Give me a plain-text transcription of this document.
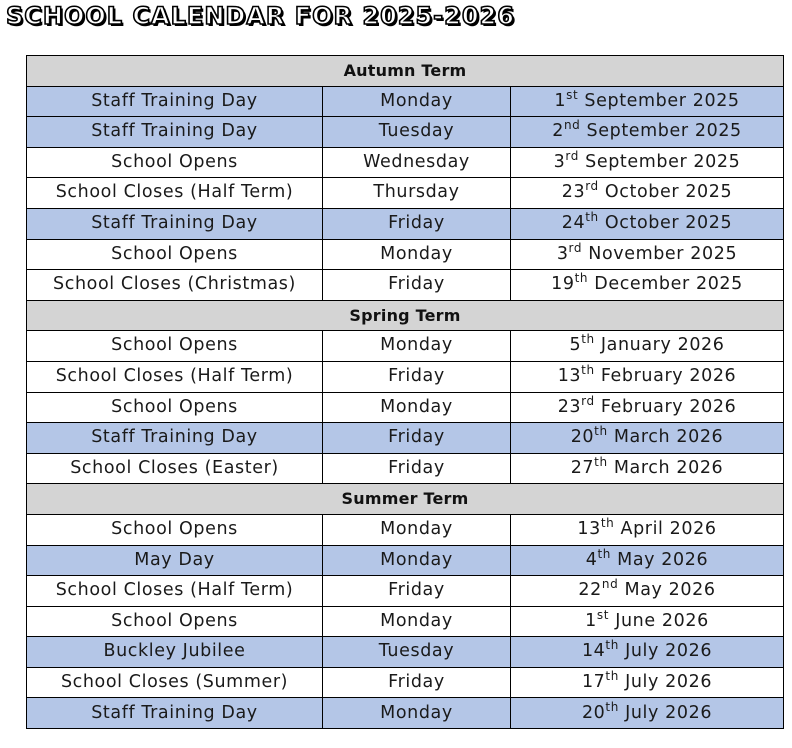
SCHOOL CALENDAR FOR 2025-2026
Autumn Term		
Staff Training Day	Monday	1st September 2025
Staff Training Day	Tuesday	2nd September 2025
School Opens	Wednesday	3rd September 2025
School Closes (Half Term)	Thursday	23rd October 2025
Staff Training Day	Friday	24th October 2025
School Opens	Monday	3rd November 2025
School Closes (Christmas)	Friday	19th December 2025
Spring Term		
School Opens	Monday	5th January 2026
School Closes (Half Term)	Friday	13th February 2026
School Opens	Monday	23rd February 2026
Staff Training Day	Friday	20th March 2026
School Closes (Easter)	Friday	27th March 2026
Summer Term		
School Opens	Monday	13th April 2026
May Day	Monday	4th May 2026
School Closes (Half Term)	Friday	22nd May 2026
School Opens	Monday	1st June 2026
Buckley Jubilee	Tuesday	14th July 2026
School Closes (Summer)	Friday	17th July 2026
Staff Training Day	Monday	20th July 2026
